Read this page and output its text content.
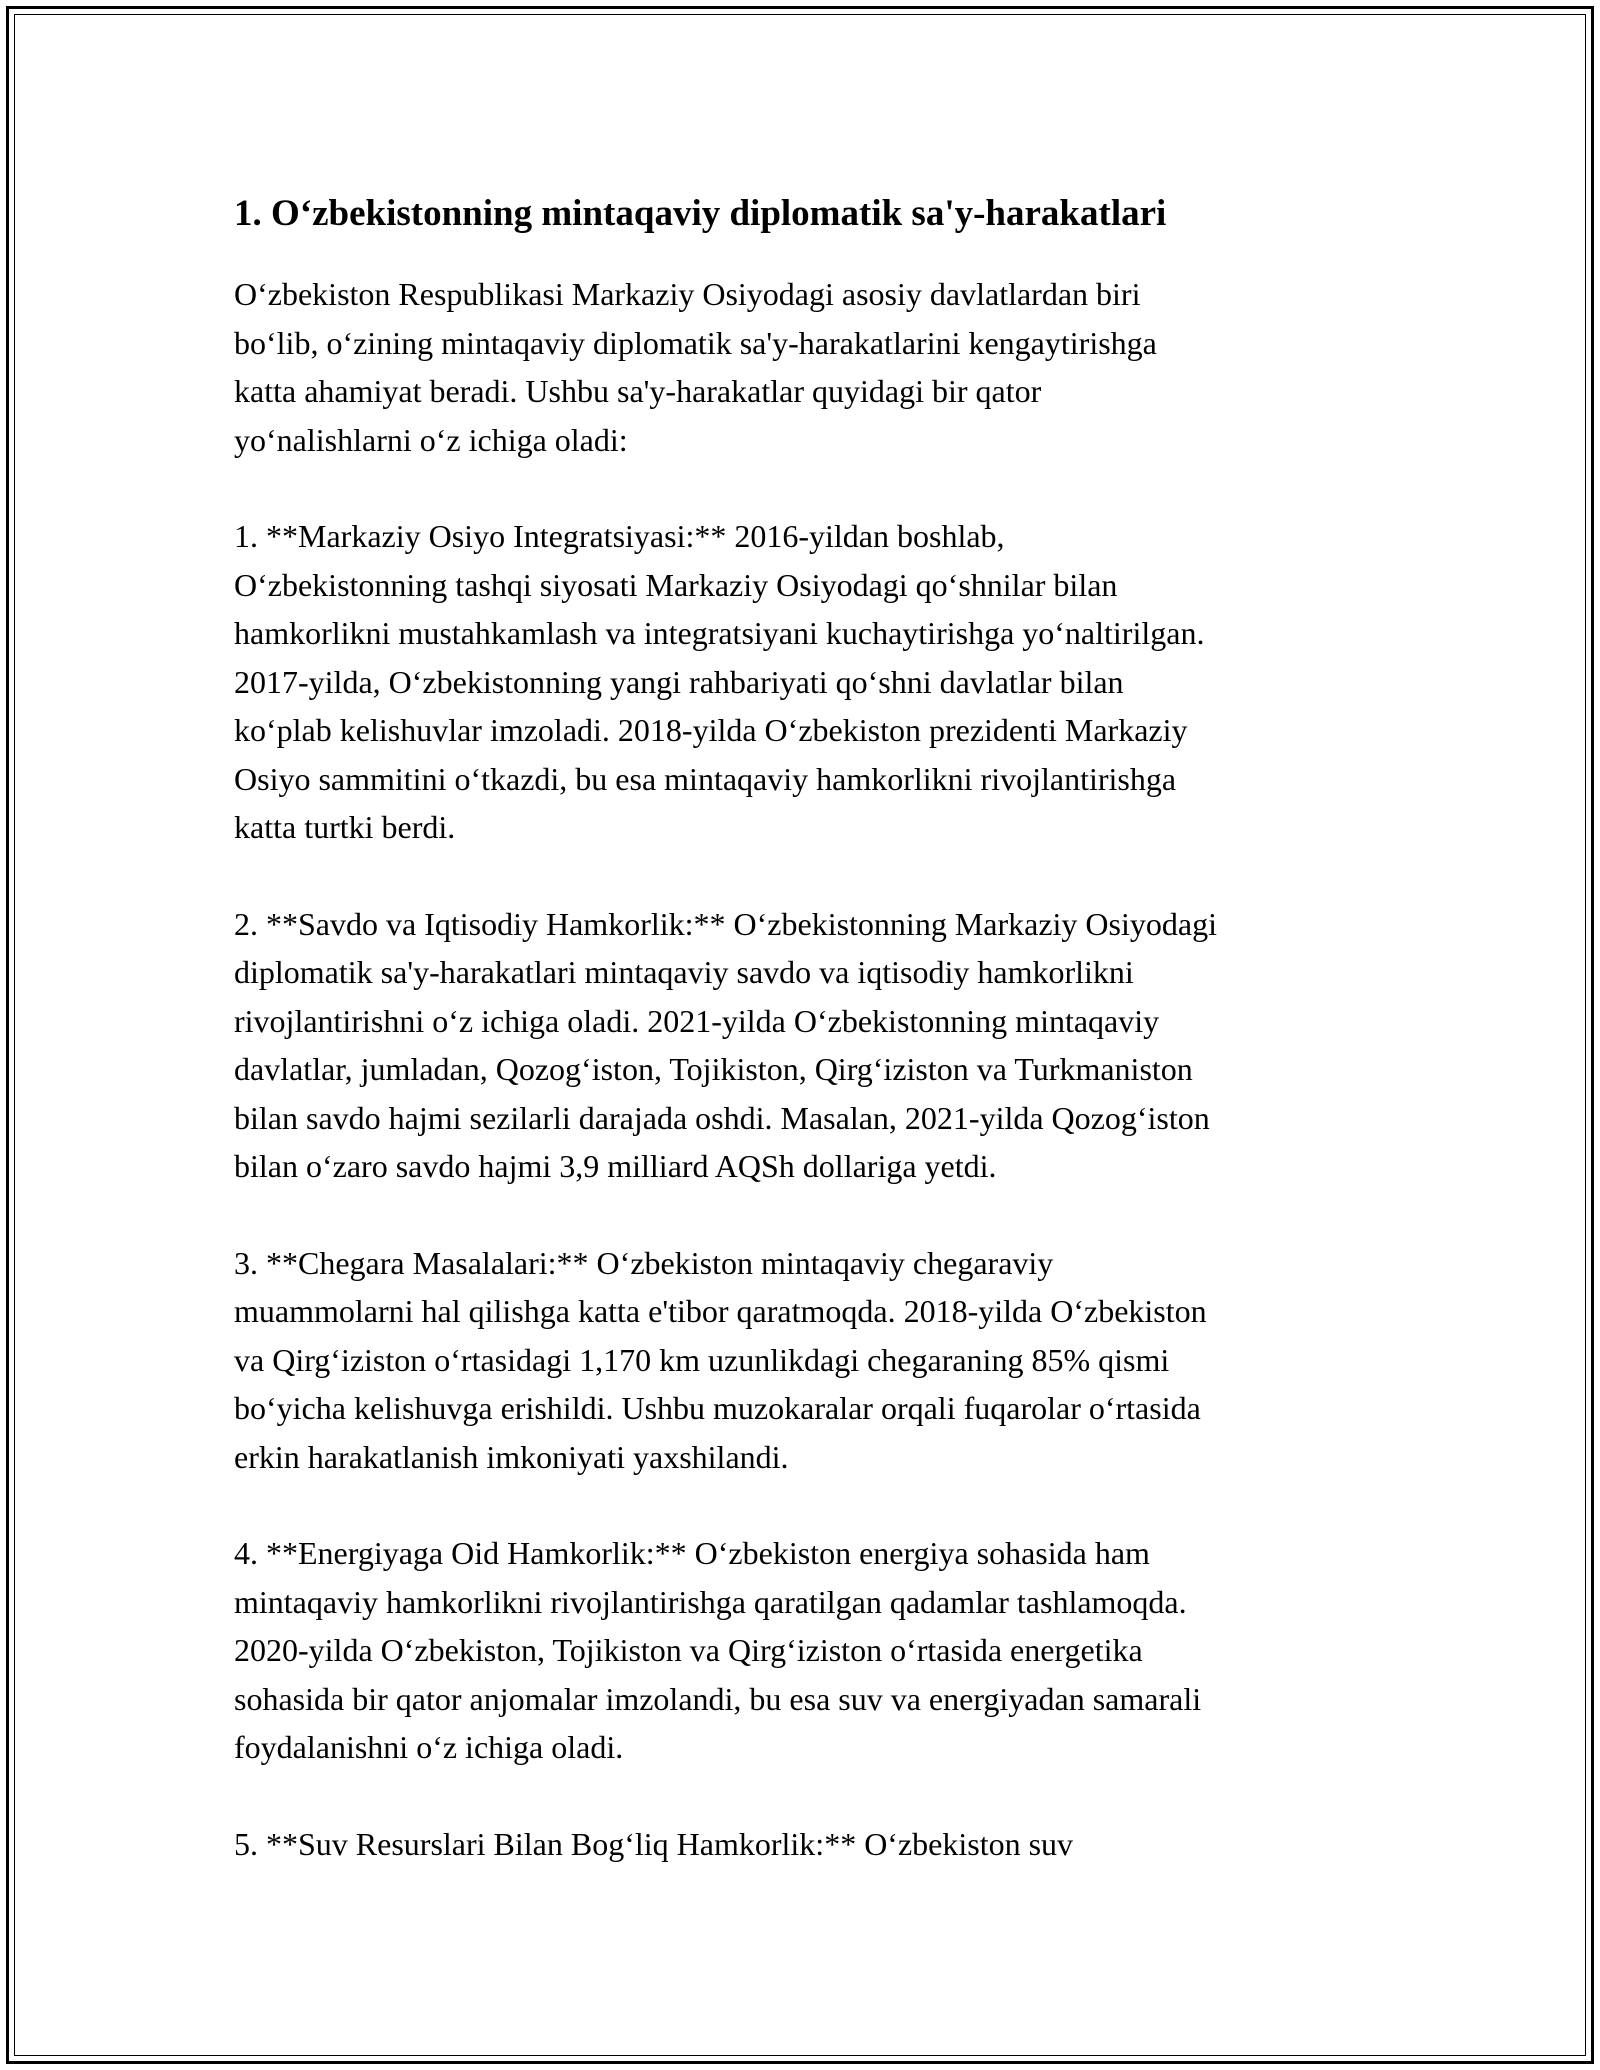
1. O‘zbekistonning mintaqaviy diplomatik sa'y-harakatlari

O‘zbekiston Respublikasi Markaziy Osiyodagi asosiy davlatlardan biri
bo‘lib, o‘zining mintaqaviy diplomatik sa'y-harakatlarini kengaytirishga
katta ahamiyat beradi. Ushbu sa'y-harakatlar quyidagi bir qator
yo‘nalishlarni o‘z ichiga oladi:

1. **Markaziy Osiyo Integratsiyasi:** 2016-yildan boshlab,
O‘zbekistonning tashqi siyosati Markaziy Osiyodagi qo‘shnilar bilan
hamkorlikni mustahkamlash va integratsiyani kuchaytirishga yo‘naltirilgan.
2017-yilda, O‘zbekistonning yangi rahbariyati qo‘shni davlatlar bilan
ko‘plab kelishuvlar imzoladi. 2018-yilda O‘zbekiston prezidenti Markaziy
Osiyo sammitini o‘tkazdi, bu esa mintaqaviy hamkorlikni rivojlantirishga
katta turtki berdi.

2. **Savdo va Iqtisodiy Hamkorlik:** O‘zbekistonning Markaziy Osiyodagi
diplomatik sa'y-harakatlari mintaqaviy savdo va iqtisodiy hamkorlikni
rivojlantirishni o‘z ichiga oladi. 2021-yilda O‘zbekistonning mintaqaviy
davlatlar, jumladan, Qozog‘iston, Tojikiston, Qirg‘iziston va Turkmaniston
bilan savdo hajmi sezilarli darajada oshdi. Masalan, 2021-yilda Qozog‘iston
bilan o‘zaro savdo hajmi 3,9 milliard AQSh dollariga yetdi.

3. **Chegara Masalalari:** O‘zbekiston mintaqaviy chegaraviy
muammolarni hal qilishga katta e'tibor qaratmoqda. 2018-yilda O‘zbekiston
va Qirg‘iziston o‘rtasidagi 1,170 km uzunlikdagi chegaraning 85% qismi
bo‘yicha kelishuvga erishildi. Ushbu muzokaralar orqali fuqarolar o‘rtasida
erkin harakatlanish imkoniyati yaxshilandi.

4. **Energiyaga Oid Hamkorlik:** O‘zbekiston energiya sohasida ham
mintaqaviy hamkorlikni rivojlantirishga qaratilgan qadamlar tashlamoqda.
2020-yilda O‘zbekiston, Tojikiston va Qirg‘iziston o‘rtasida energetika
sohasida bir qator anjomalar imzolandi, bu esa suv va energiyadan samarali
foydalanishni o‘z ichiga oladi.

5. **Suv Resurslari Bilan Bog‘liq Hamkorlik:** O‘zbekiston suv
